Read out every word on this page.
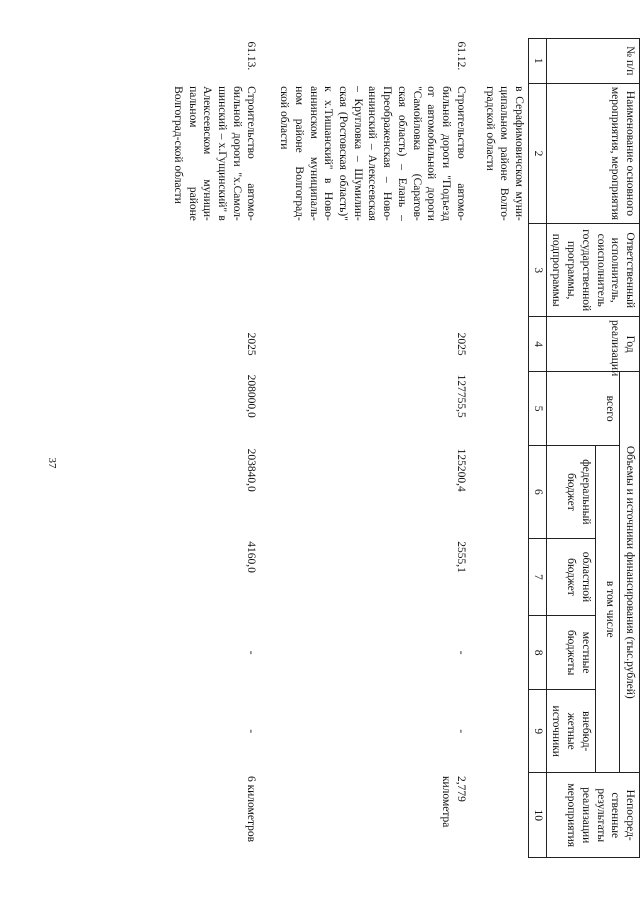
37
№ п/п	Наименование основного мероприятия, мероприятия	Ответственный исполнитель, соисполнитель государственной программы, подпрограммы	Год реализации	Объемы и источники финансирования (тыс.рублей)					Непосред-ственные результаты реализации мероприятия
				всего	в том числе				
					федеральный бюджет	областной бюджет	местные бюджеты	внебюд-жетные источники	
1	2	3	4	5	6	7	8	9	10
	в Серафимовичском муни-ципальном районе Волго-градской области								
61.12.	Строительство автомо-бильной дороги "Подъезд от автомобильной дороги "Самойловка (Саратов-ская область) – Елань – Преображенская – Ново-аннинский – Алексеевская – Кругловка – Шумилин-ская (Ростовская область)" к х.Тишанский" в Ново-аннинском муниципаль-ном районе Волгоград-ской области		2025	127755,5	125200,4	2555,1	-	-	2,779 километра
61.13.	Строительство автомо-бильной дороги "х.Самол-шинский – х.Гущинский" в Алексеевском муници-пальном районе Волгоград-ской области		2025	208000,0	203840,0	4160,0	-	-	6 километров
